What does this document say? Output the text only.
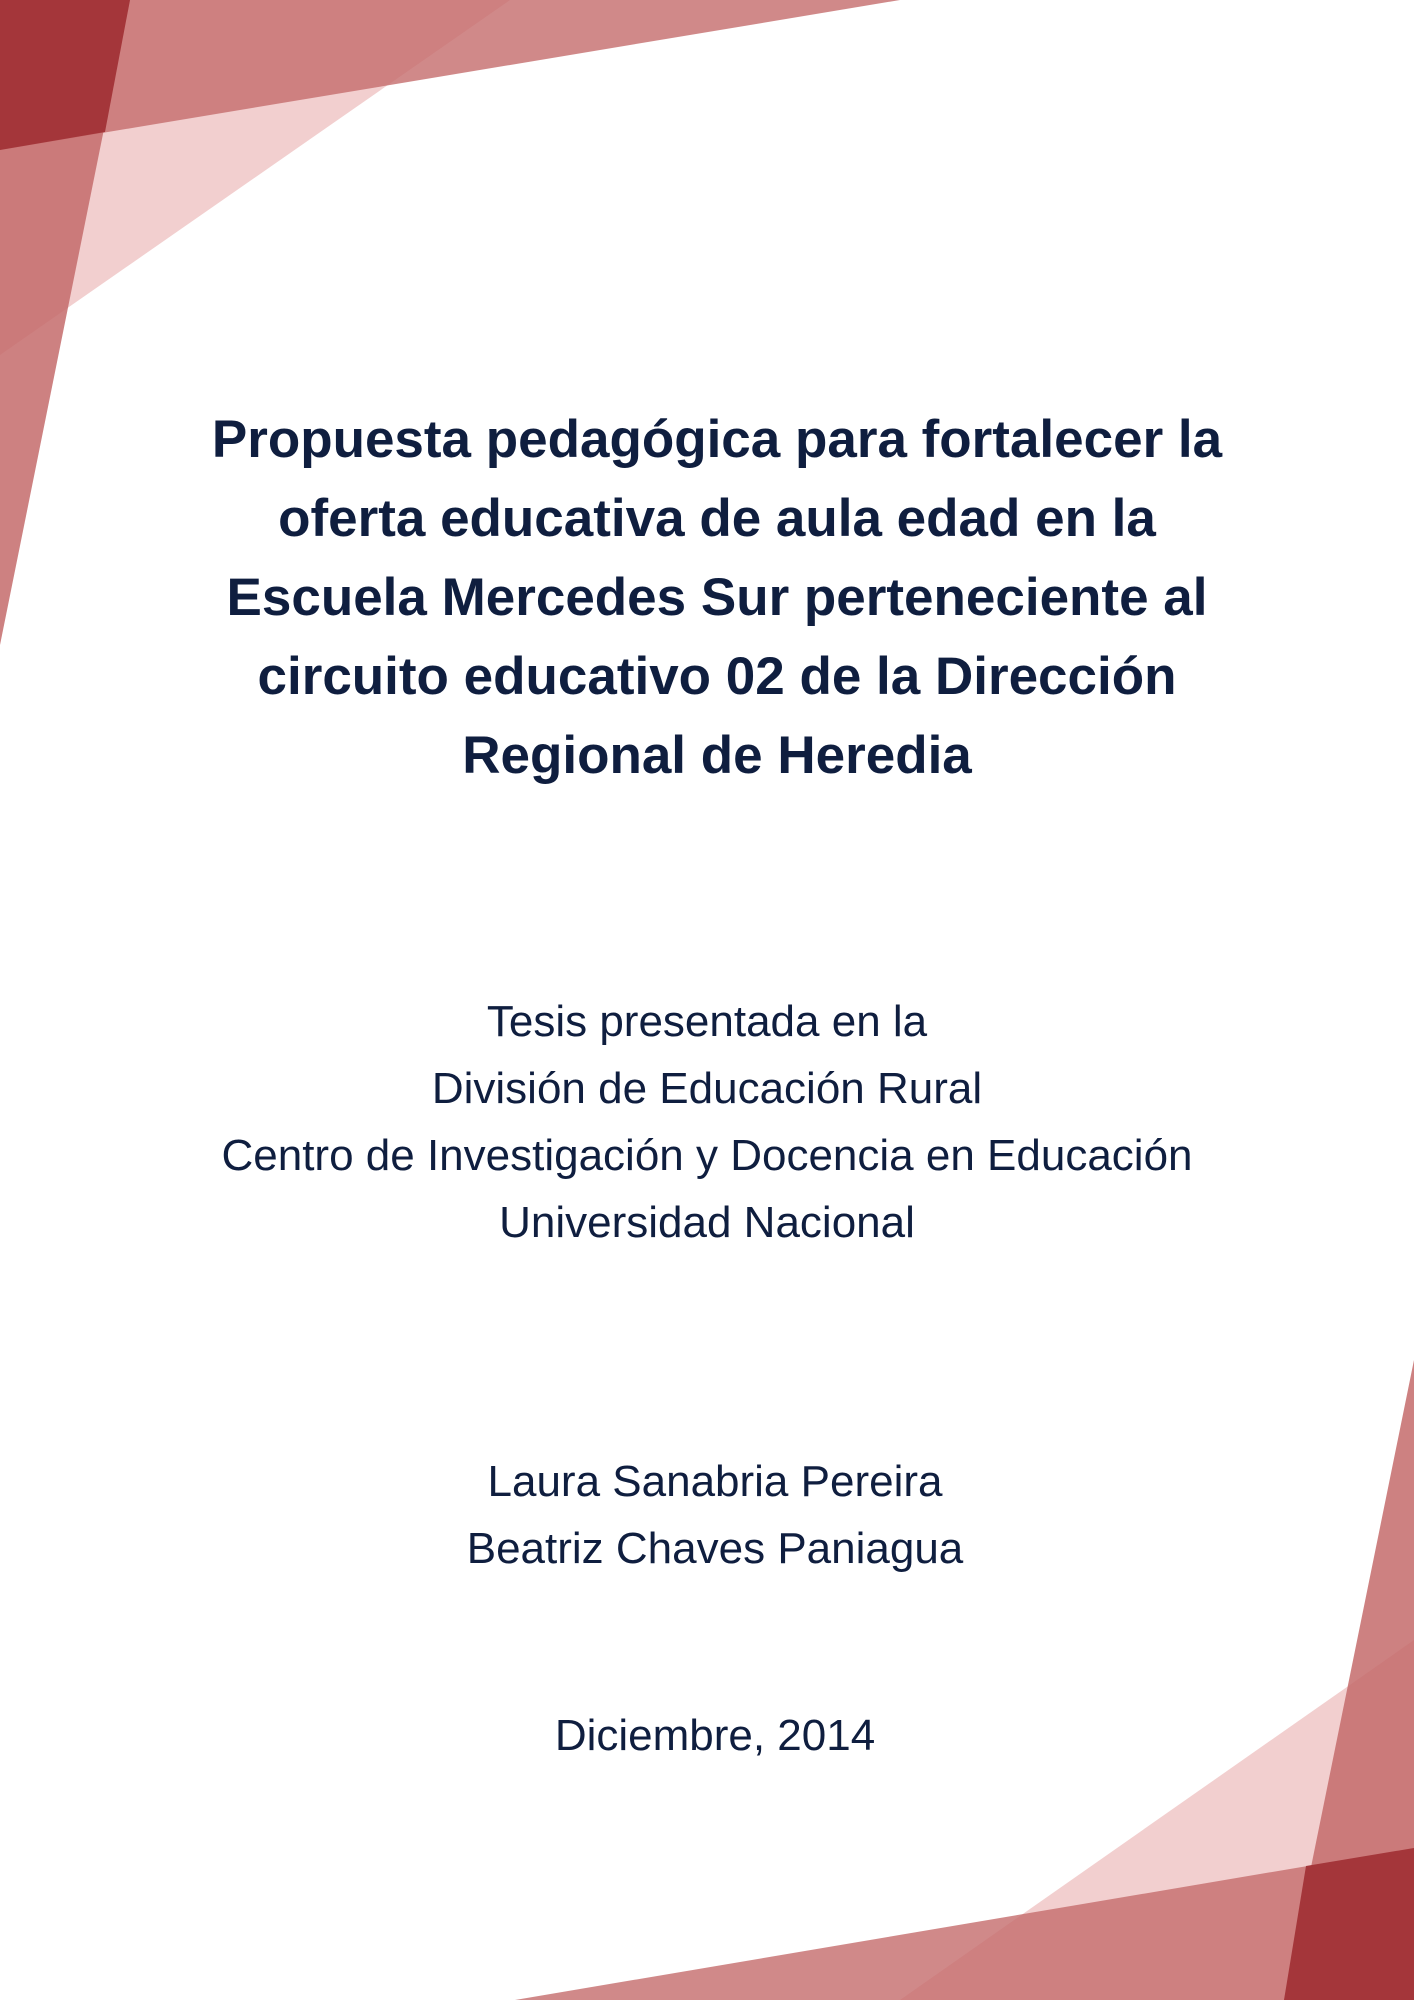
Propuesta pedagógica para fortalecer la
oferta educativa de aula edad en la
Escuela Mercedes Sur perteneciente al
circuito educativo 02 de la Dirección
Regional de Heredia
Tesis presentada en la
División de Educación Rural
Centro de Investigación y Docencia en Educación
Universidad Nacional
Laura Sanabria Pereira
Beatriz Chaves Paniagua
Diciembre, 2014
